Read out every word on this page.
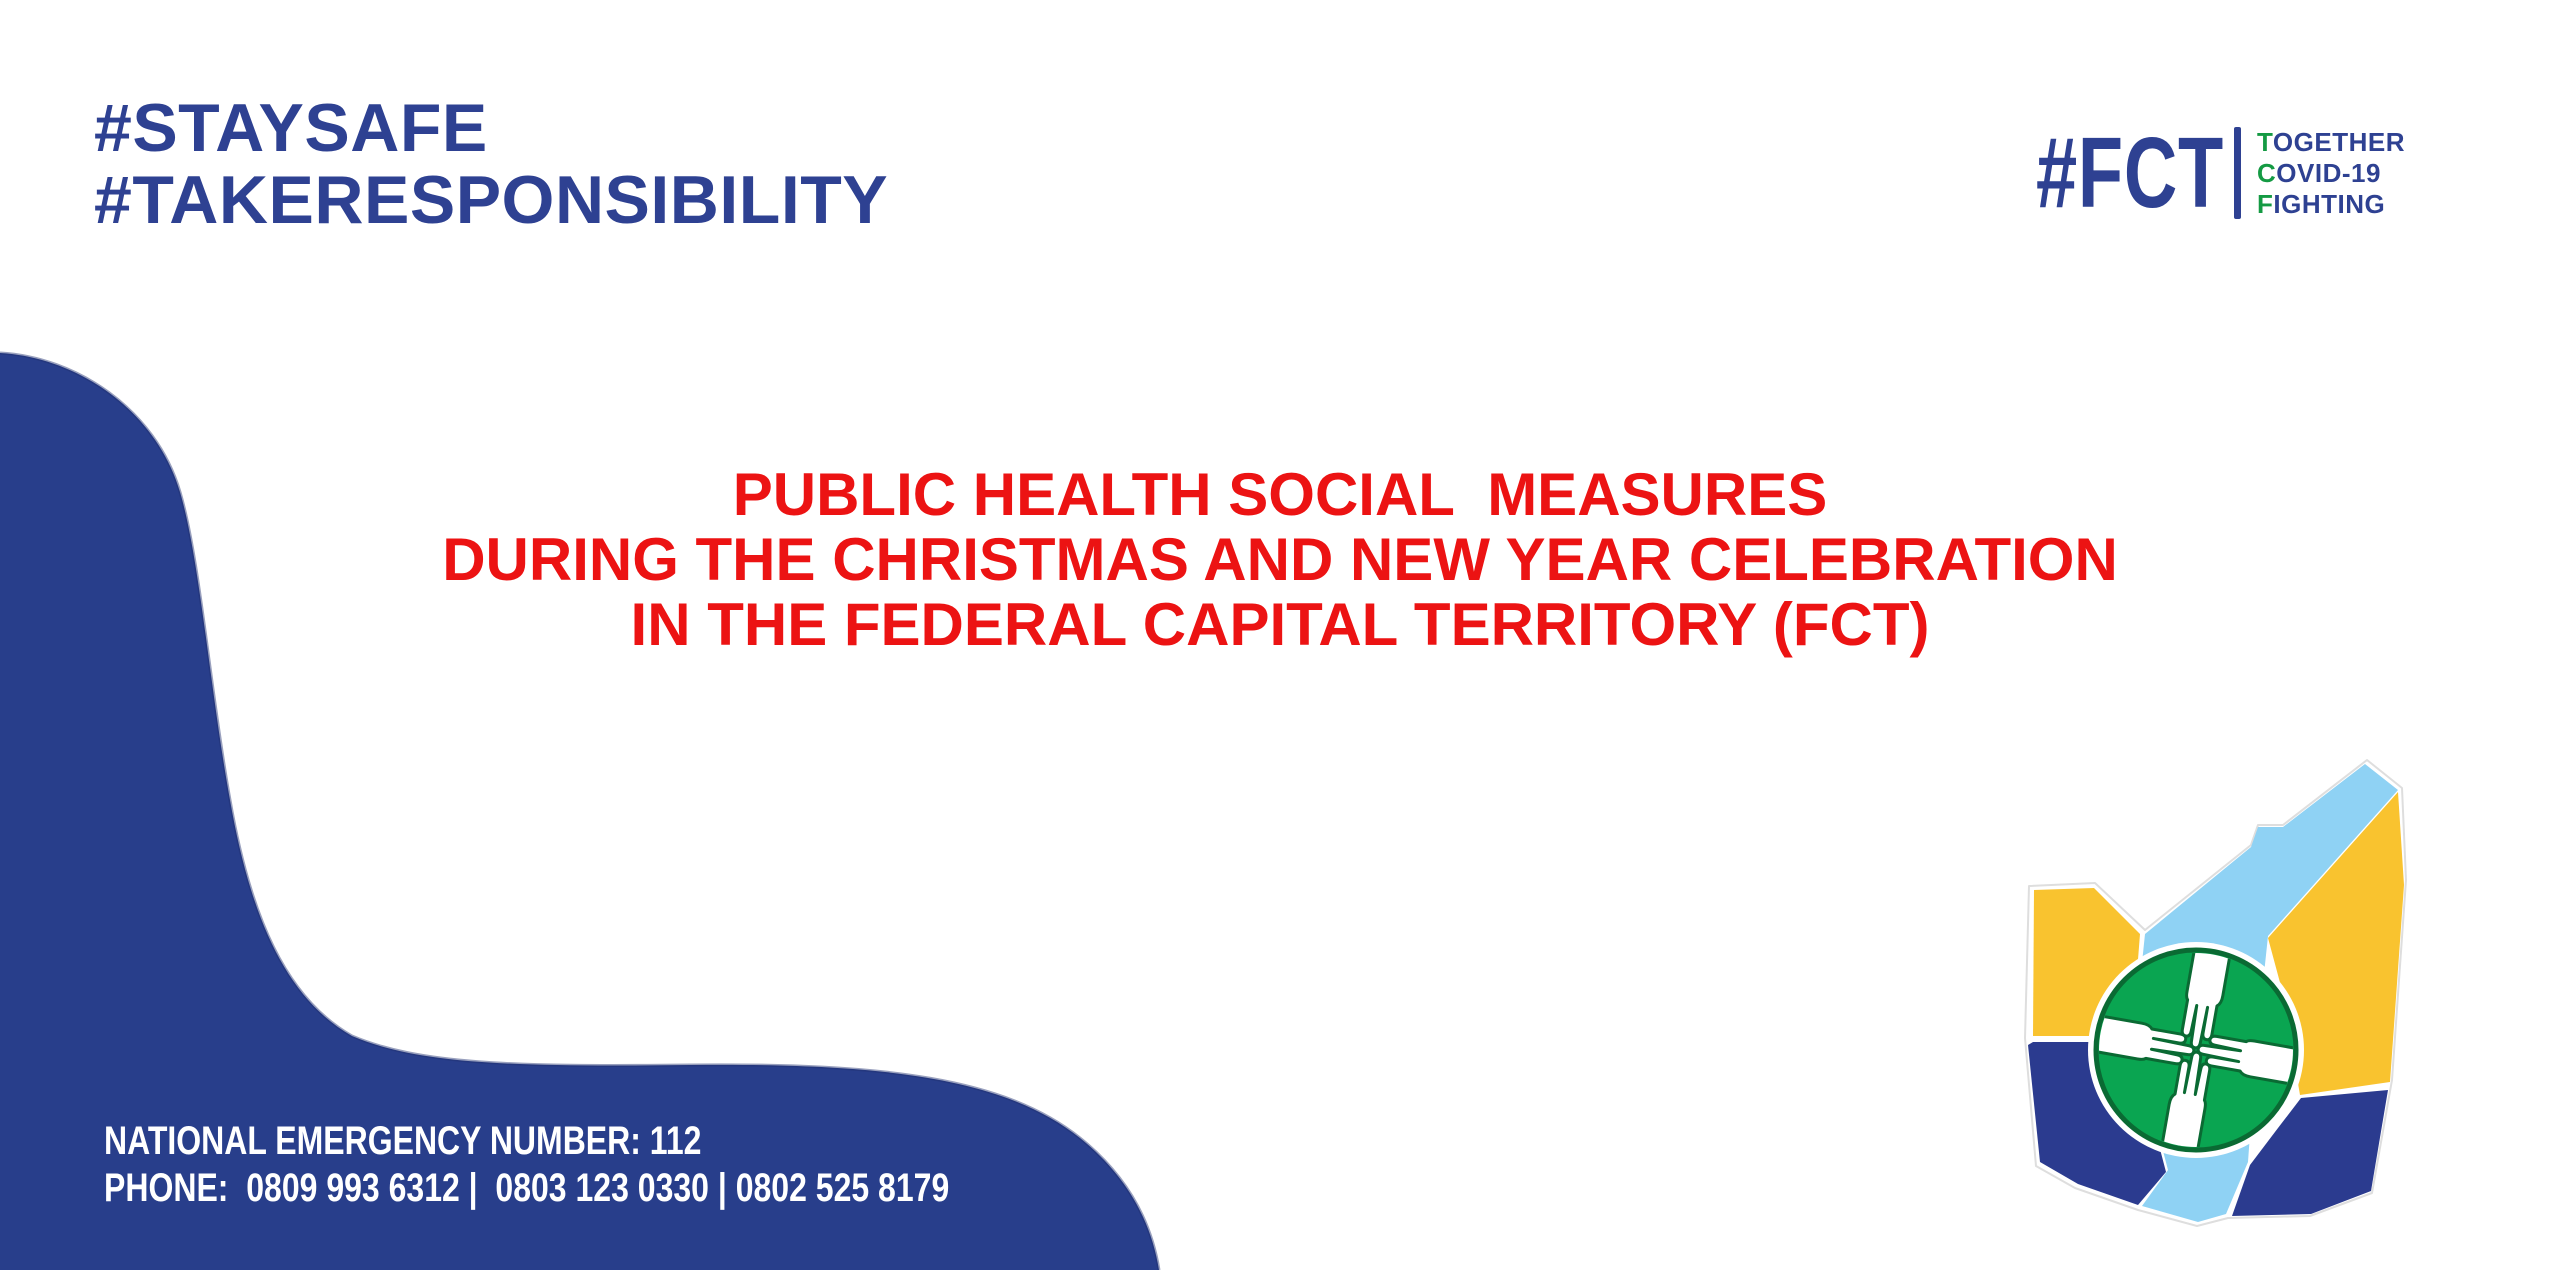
#STAYSAFE
#TAKERESPONSIBILITY	#FCT TOGETHER
COVID-19
FIGHTING
PUBLIC HEALTH SOCIAL  MEASURES
DURING THE CHRISTMAS AND NEW YEAR CELEBRATION
IN THE FEDERAL CAPITAL TERRITORY (FCT)
NATIONAL EMERGENCY NUMBER: 112
PHONE:  0809 993 6312 |  0803 123 0330 | 0802 525 8179
